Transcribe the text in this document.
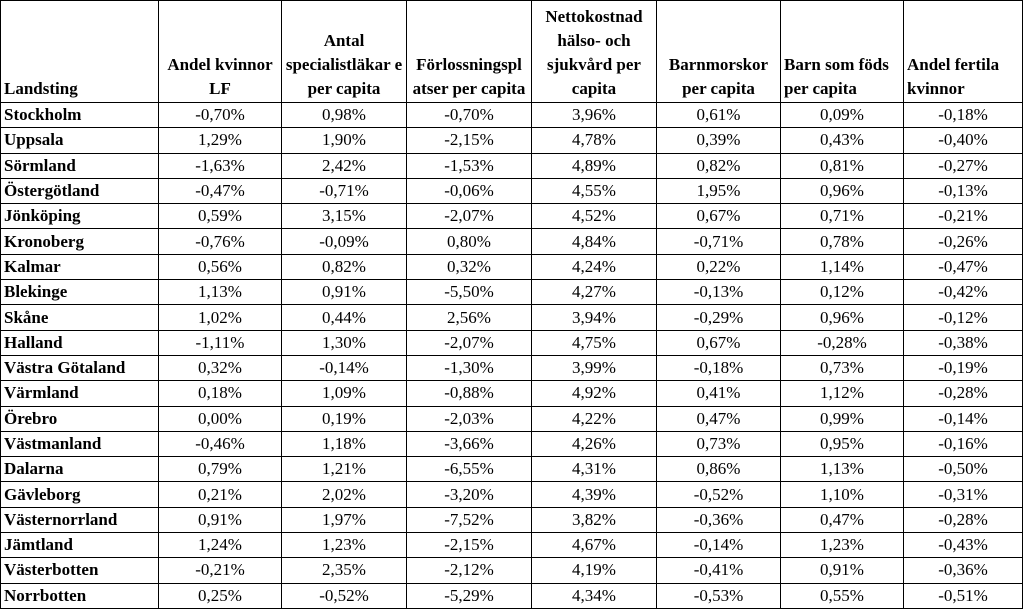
Landsting	Andel kvinnor LF	Antal specialistläkar e per capita	Förlossningspl atser per capita	Nettokostnad hälso- och sjukvård per capita	Barnmorskor per capita	Barn som föds per capita	Andel fertila kvinnor
Stockholm	-0,70%	0,98%	-0,70%	3,96%	0,61%	0,09%	-0,18%
Uppsala	1,29%	1,90%	-2,15%	4,78%	0,39%	0,43%	-0,40%
Sörmland	-1,63%	2,42%	-1,53%	4,89%	0,82%	0,81%	-0,27%
Östergötland	-0,47%	-0,71%	-0,06%	4,55%	1,95%	0,96%	-0,13%
Jönköping	0,59%	3,15%	-2,07%	4,52%	0,67%	0,71%	-0,21%
Kronoberg	-0,76%	-0,09%	0,80%	4,84%	-0,71%	0,78%	-0,26%
Kalmar	0,56%	0,82%	0,32%	4,24%	0,22%	1,14%	-0,47%
Blekinge	1,13%	0,91%	-5,50%	4,27%	-0,13%	0,12%	-0,42%
Skåne	1,02%	0,44%	2,56%	3,94%	-0,29%	0,96%	-0,12%
Halland	-1,11%	1,30%	-2,07%	4,75%	0,67%	-0,28%	-0,38%
Västra Götaland	0,32%	-0,14%	-1,30%	3,99%	-0,18%	0,73%	-0,19%
Värmland	0,18%	1,09%	-0,88%	4,92%	0,41%	1,12%	-0,28%
Örebro	0,00%	0,19%	-2,03%	4,22%	0,47%	0,99%	-0,14%
Västmanland	-0,46%	1,18%	-3,66%	4,26%	0,73%	0,95%	-0,16%
Dalarna	0,79%	1,21%	-6,55%	4,31%	0,86%	1,13%	-0,50%
Gävleborg	0,21%	2,02%	-3,20%	4,39%	-0,52%	1,10%	-0,31%
Västernorrland	0,91%	1,97%	-7,52%	3,82%	-0,36%	0,47%	-0,28%
Jämtland	1,24%	1,23%	-2,15%	4,67%	-0,14%	1,23%	-0,43%
Västerbotten	-0,21%	2,35%	-2,12%	4,19%	-0,41%	0,91%	-0,36%
Norrbotten	0,25%	-0,52%	-5,29%	4,34%	-0,53%	0,55%	-0,51%
